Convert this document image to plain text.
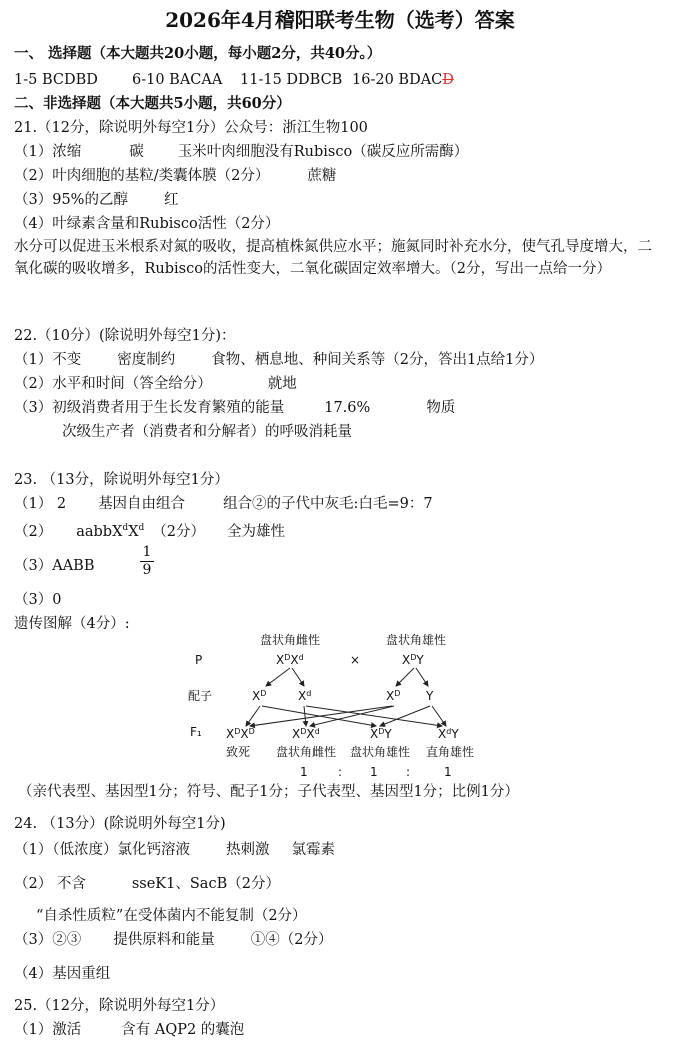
2026年4月稽阳联考生物（选考）答案
一、 选择题（本大题共20小题，每小题2分，共40分。）
1-5 BCDBD 6-10 BACAA 11-15 DDBCB 16-20 BDACD
二、非选择题（本大题共5小题，共60分）
21.（12分，除说明外每空1分）公众号：浙江生物100
（1）浓缩	碳 玉米叶肉细胞没有Rubisco（碳反应所需酶）
（2）叶肉细胞的基粒/类囊体膜（2分）	蔗糖
（3）95%的乙醇 红
（4）叶绿素含量和Rubisco活性（2分）
水分可以促进玉米根系对氮的吸收，提高植株氮供应水平；施氮同时补充水分，使气孔导度增大，二氧化碳的吸收增多，Rubisco的活性变大，二氧化碳固定效率增大。（2分，写出一点给一分）
22.（10分）(除说明外每空1分)：
（1）不变 密度制约 食物、栖息地、种间关系等（2分，答出1点给1分）
（2）水平和时间（答全给分）	就地
（3）初级消费者用于生长发育繁殖的能量	17.6%	物质
次级生产者（消费者和分解者）的呼吸消耗量
23. （13分，除说明外每空1分）
（1） 2 基因自由组合	组合②的子代中灰毛:白毛=9：7
（2） $aabbX^dX^d$ （2分） 全为雄性
（3）AABB	$\frac{1}{9}$
（3）0
遗传图解（4分）:
P
配子
F₁
盘状角雌性	盘状角雄性
$X^DX^d$	×	$X^DY$
$X^D$	$X^d$	$X^D$ Y
$X^DX^D$	$X^DX^d$	$X^DY$	$X^dY$
致死 盘状角雌性 盘状角雄性 直角雄性
1	: 1 :	1
（亲代表型、基因型1分；符号、配子1分；子代表型、基因型1分；比例1分）
24. （13分）(除说明外每空1分)
（1）（低浓度）氯化钙溶液 热刺激 氯霉素
（2） 不含	sseK1、SacB（2分）
“自杀性质粒”在受体菌内不能复制（2分）
（3）②③ 提供原料和能量 ①④（2分）
（4）基因重组
25.（12分，除说明外每空1分）
（1）激活	含有 AQP2 的囊泡
